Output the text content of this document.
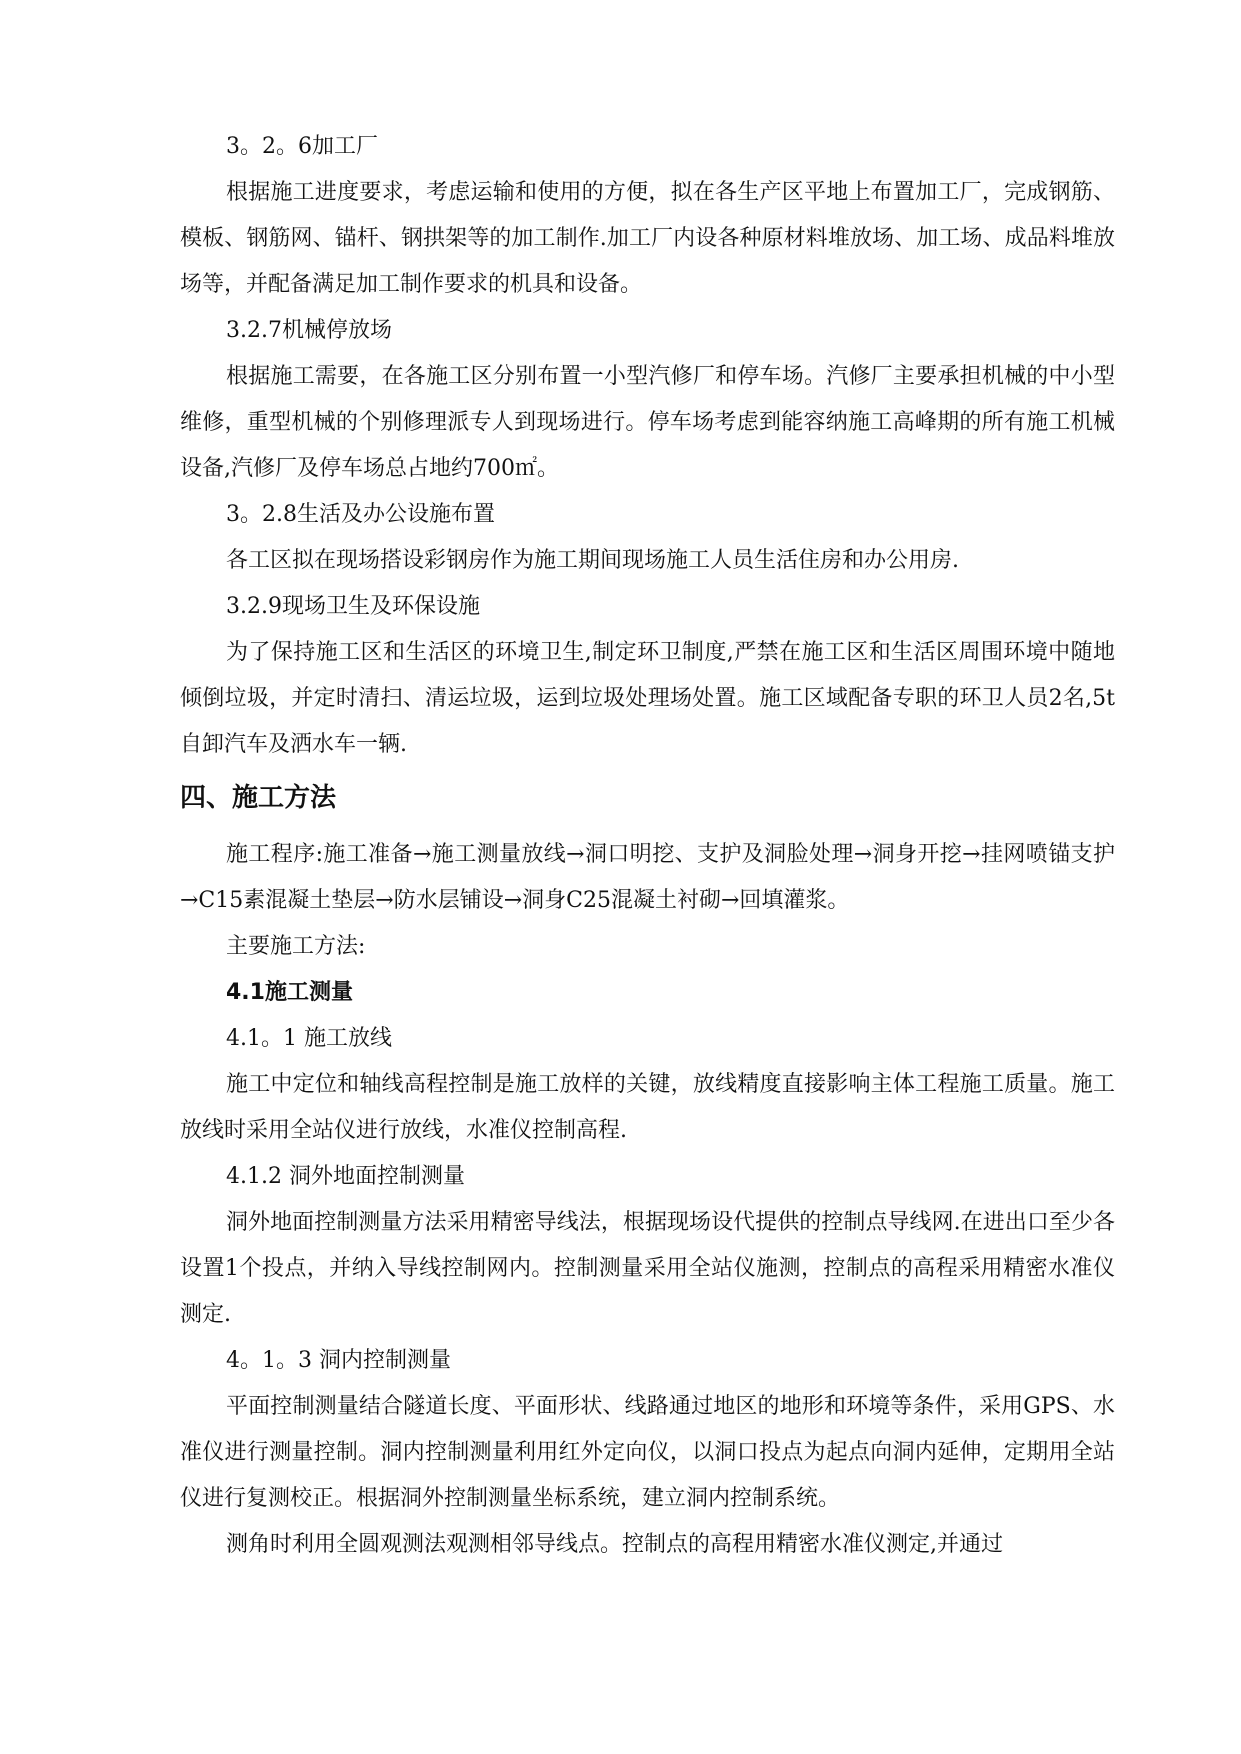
3。2。6加工厂

根据施工进度要求，考虑运输和使用的方便，拟在各生产区平地上布置加工厂，完成钢筋、模板、钢筋网、锚杆、钢拱架等的加工制作.加工厂内设各种原材料堆放场、加工场、成品料堆放场等，并配备满足加工制作要求的机具和设备。

3.2.7机械停放场

根据施工需要，在各施工区分别布置一小型汽修厂和停车场。汽修厂主要承担机械的中小型维修，重型机械的个别修理派专人到现场进行。停车场考虑到能容纳施工高峰期的所有施工机械设备,汽修厂及停车场总占地约700㎡。

3。2.8生活及办公设施布置

各工区拟在现场搭设彩钢房作为施工期间现场施工人员生活住房和办公用房.

3.2.9现场卫生及环保设施

为了保持施工区和生活区的环境卫生,制定环卫制度,严禁在施工区和生活区周围环境中随地倾倒垃圾，并定时清扫、清运垃圾，运到垃圾处理场处置。施工区域配备专职的环卫人员2名,5t自卸汽车及洒水车一辆.

四、施工方法

施工程序:施工准备→施工测量放线→洞口明挖、支护及洞脸处理→洞身开挖→挂网喷锚支护→C15素混凝土垫层→防水层铺设→洞身C25混凝土衬砌→回填灌浆。

主要施工方法:

4.1施工测量

4.1。1 施工放线

施工中定位和轴线高程控制是施工放样的关键，放线精度直接影响主体工程施工质量。施工放线时采用全站仪进行放线，水准仪控制高程.

4.1.2 洞外地面控制测量

洞外地面控制测量方法采用精密导线法，根据现场设代提供的控制点导线网.在进出口至少各设置1个投点，并纳入导线控制网内。控制测量采用全站仪施测，控制点的高程采用精密水准仪测定.

4。1。3 洞内控制测量

平面控制测量结合隧道长度、平面形状、线路通过地区的地形和环境等条件，采用GPS、水准仪进行测量控制。洞内控制测量利用红外定向仪，以洞口投点为起点向洞内延伸，定期用全站仪进行复测校正。根据洞外控制测量坐标系统，建立洞内控制系统。

测角时利用全圆观测法观测相邻导线点。控制点的高程用精密水准仪测定,并通过
